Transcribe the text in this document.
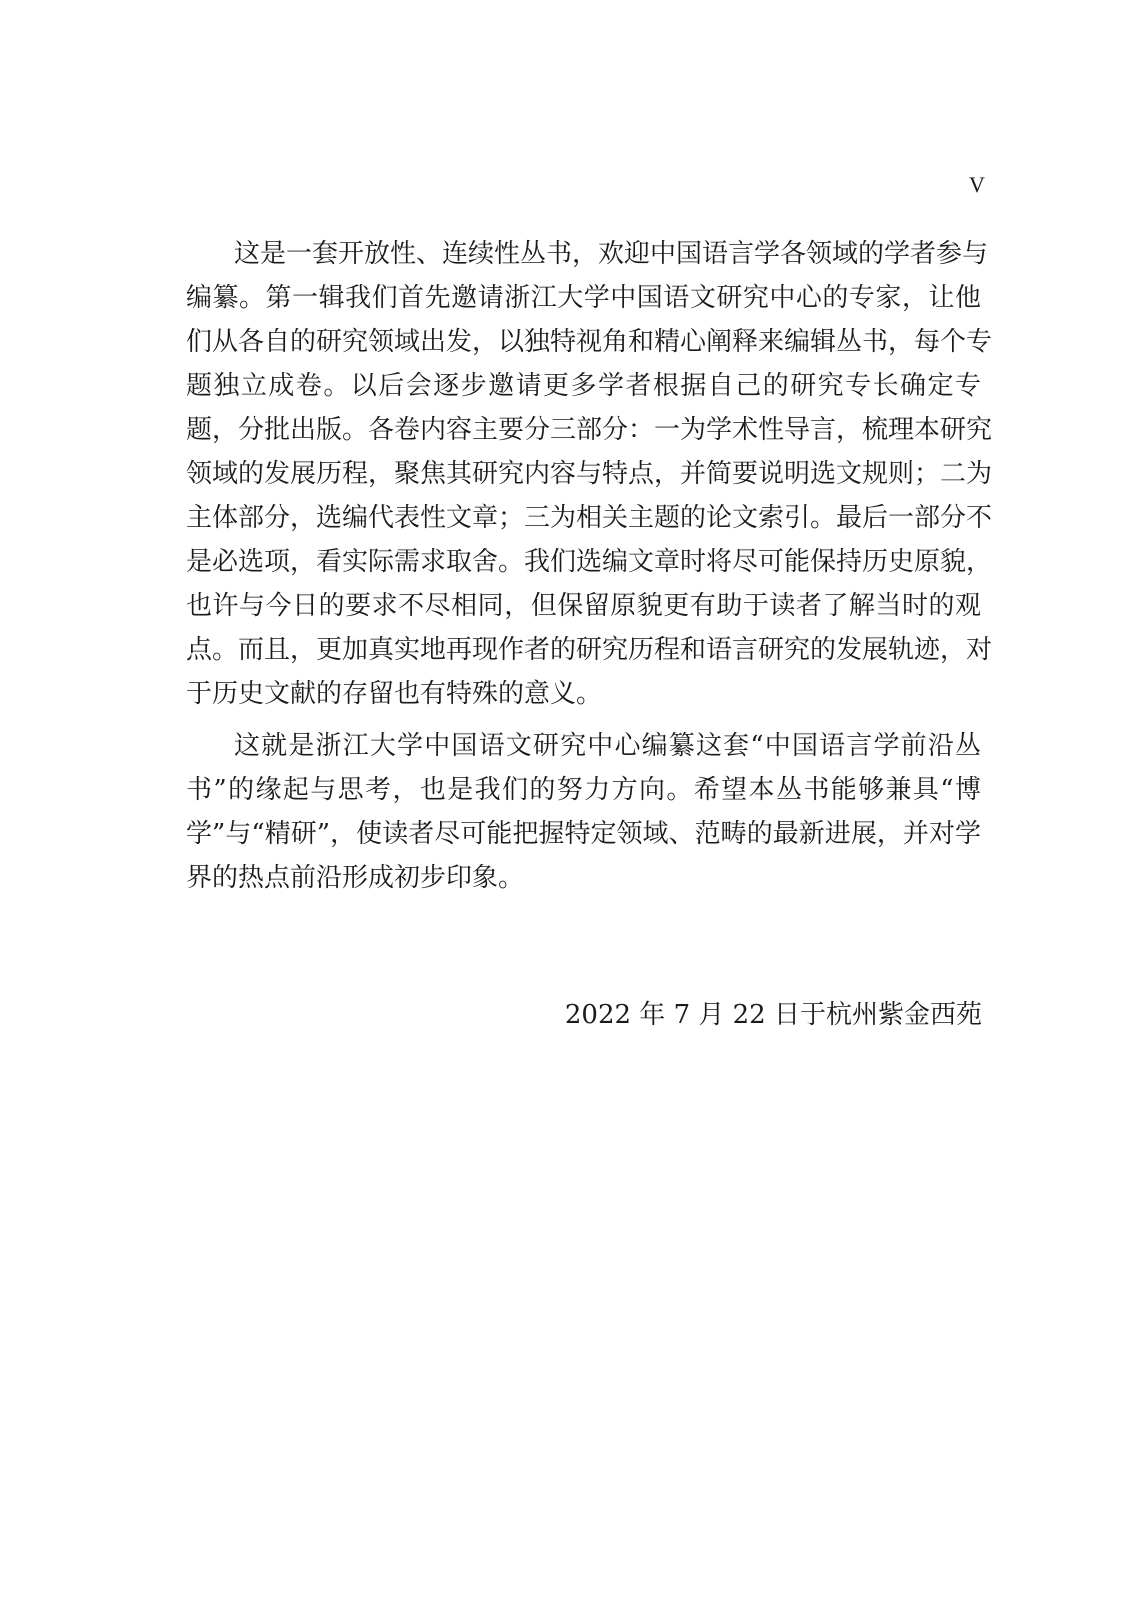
V
这是一套开放性、连续性丛书，欢迎中国语言学各领域的学者参与
编纂。第一辑我们首先邀请浙江大学中国语文研究中心的专家，让他
们从各自的研究领域出发，以独特视角和精心阐释来编辑丛书，每个专
题独立成卷。以后会逐步邀请更多学者根据自己的研究专长确定专
题，分批出版。各卷内容主要分三部分：一为学术性导言，梳理本研究
领域的发展历程，聚焦其研究内容与特点，并简要说明选文规则；二为
主体部分，选编代表性文章；三为相关主题的论文索引。最后一部分不
是必选项，看实际需求取舍。我们选编文章时将尽可能保持历史原貌，
也许与今日的要求不尽相同，但保留原貌更有助于读者了解当时的观
点。而且，更加真实地再现作者的研究历程和语言研究的发展轨迹，对
于历史文献的存留也有特殊的意义。
这就是浙江大学中国语文研究中心编纂这套“中国语言学前沿丛
书”的缘起与思考，也是我们的努力方向。希望本丛书能够兼具“博
学”与“精研”，使读者尽可能把握特定领域、范畴的最新进展，并对学
界的热点前沿形成初步印象。
2022 年 7 月 22 日于杭州紫金西苑
